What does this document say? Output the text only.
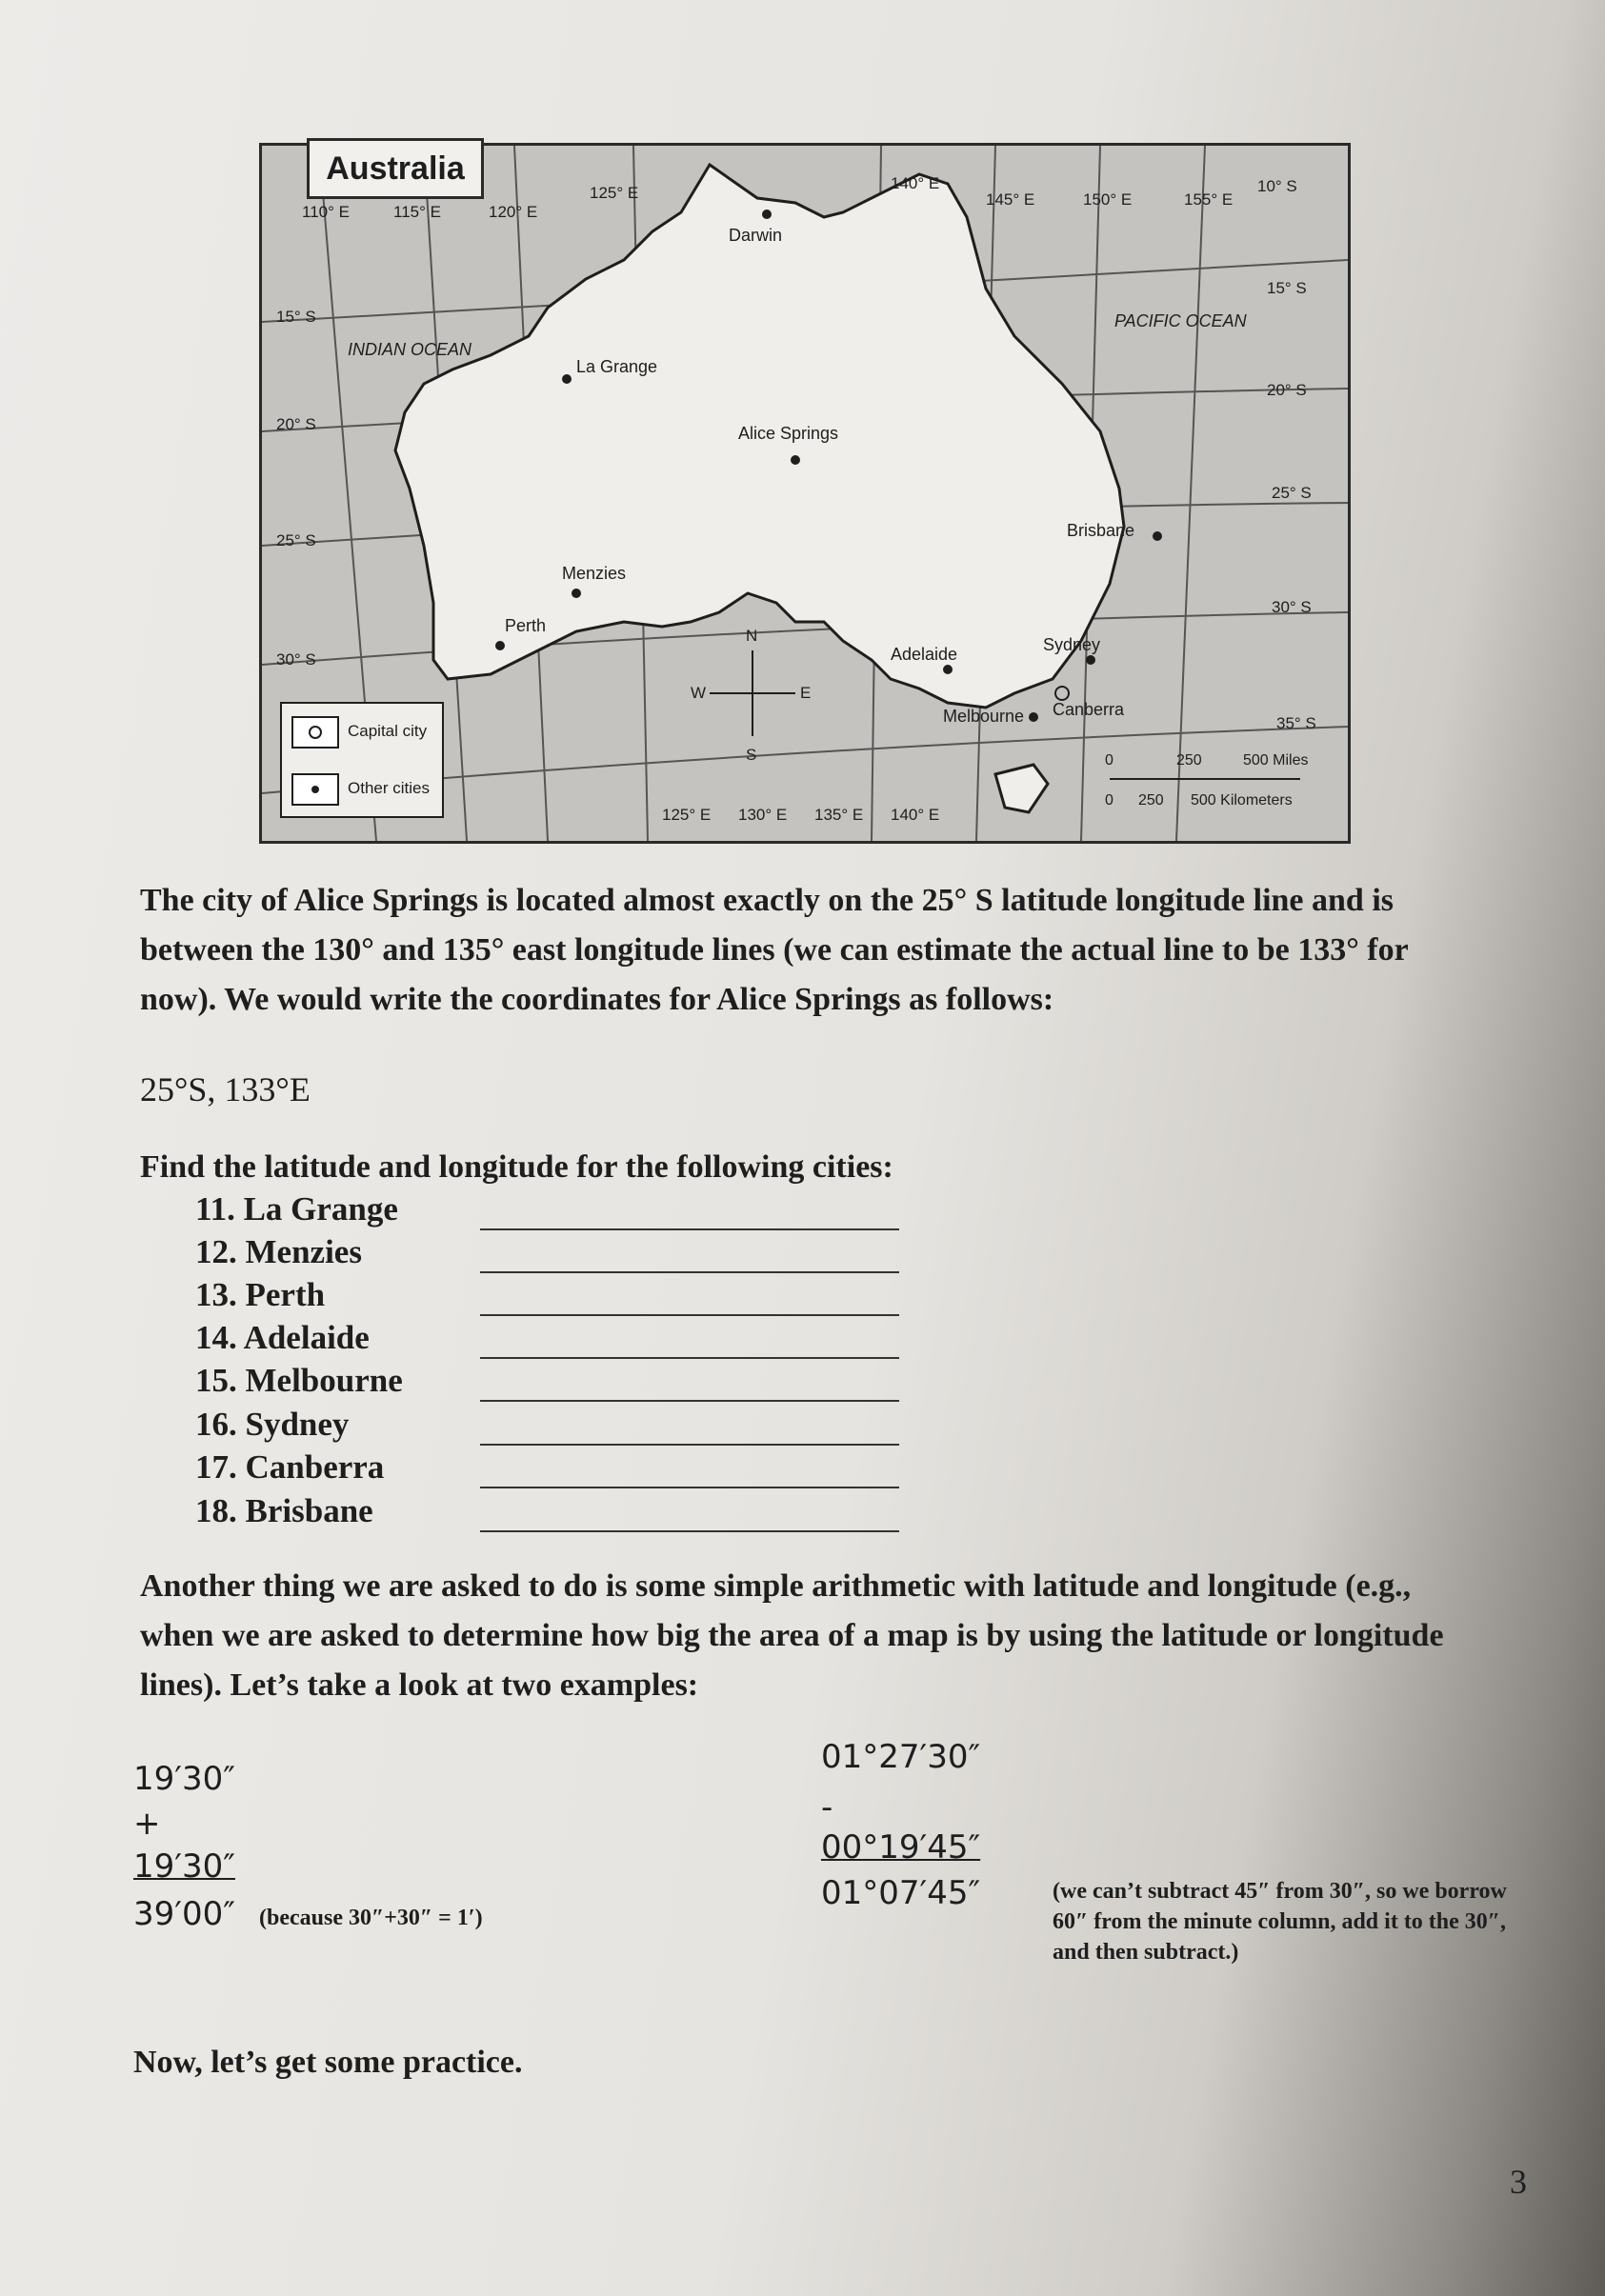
110° E	115° E	120° E
125° E
140° E
145° E	150° E	155° E
125° E 130° E 135° E 140° E
15° S
20° S
25° S
30° S
10° S
15° S
20° S
25° S
30° S
35° S
INDIAN OCEAN
PACIFIC OCEAN
Darwin
La Grange
Alice Springs
Brisbane
Menzies
Perth
Adelaide	Sydney
Melbourne Canberra
N
S
E
W
Capital city
Other cities
0	250	500 Miles
0 250 500 Kilometers
Australia

The city of Alice Springs is located almost exactly on the 25° S latitude longitude line and is between the 130° and 135° east longitude lines (we can estimate the actual line to be 133° for now). We would write the coordinates for Alice Springs as follows:

25°S, 133°E

Find the latitude and longitude for the following cities:

11. La Grange
12. Menzies
13. Perth
14. Adelaide
15. Melbourne
16. Sydney
17. Canberra
18. Brisbane

Another thing we are asked to do is some simple arithmetic with latitude and longitude (e.g., when we are asked to determine how big the area of a map is by using the latitude or longitude lines). Let’s take a look at two examples:

19′30″
+
19′30″
39′00″ (because 30″+30″ = 1′)
01°27′30″
-
00°19′45″
01°07′45″	(we can’t subtract 45″ from 30″, so we borrow 60″ from the minute column, add it to the 30″, and then subtract.)

Now, let’s get some practice.

3
